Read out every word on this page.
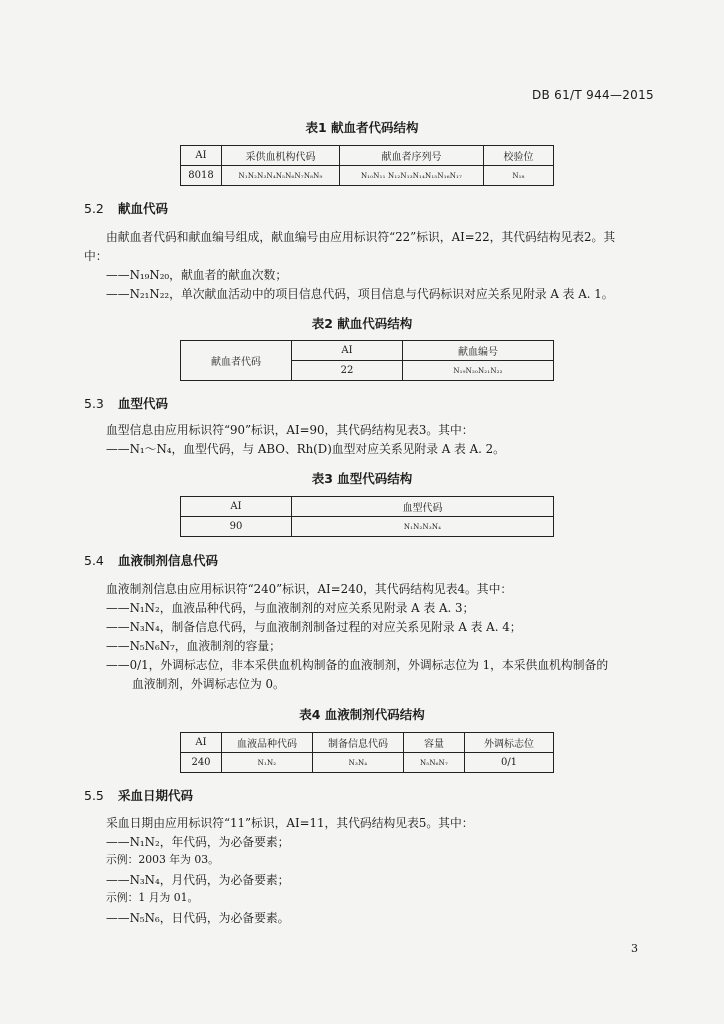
DB 61/T 944—2015
表1 献血者代码结构
AI	采供血机构代码	献血者序列号	校验位
8018	N₁N₂N₃N₄N₅N₆N₇N₈N₉	N₁₀N₁₁ N₁₂N₁₃N₁₄N₁₅N₁₆N₁₇	N₁₈
5.2 献血代码
由献血者代码和献血编号组成，献血编号由应用标识符“22”标识，AI=22，其代码结构见表2。其
中：
——N₁₉N₂₀，献血者的献血次数；
——N₂₁N₂₂，单次献血活动中的项目信息代码，项目信息与代码标识对应关系见附录 A 表 A. 1。
表2 献血代码结构
献血者代码	AI	献血编号
	22	N₁₉N₂₀N₂₁N₂₂
5.3 血型代码
血型信息由应用标识符“90”标识，AI=90，其代码结构见表3。其中：
——N₁～N₄，血型代码，与 ABO、Rh(D)血型对应关系见附录 A 表 A. 2。
表3 血型代码结构
AI	血型代码
90	N₁N₂N₃N₄
5.4 血液制剂信息代码
血液制剂信息由应用标识符“240”标识，AI=240，其代码结构见表4。其中：
——N₁N₂，血液品种代码，与血液制剂的对应关系见附录 A 表 A. 3；
——N₃N₄，制备信息代码，与血液制剂制备过程的对应关系见附录 A 表 A. 4；
——N₅N₆N₇，血液制剂的容量；
——0/1，外调标志位，非本采供血机构制备的血液制剂，外调标志位为 1，本采供血机构制备的
血液制剂，外调标志位为 0。
表4 血液制剂代码结构
AI	血液品种代码	制备信息代码	容量	外调标志位
240	N₁N₂	N₃N₄	N₅N₆N₇	0/1
5.5 采血日期代码
采血日期由应用标识符“11”标识，AI=11，其代码结构见表5。其中：
——N₁N₂，年代码，为必备要素；
示例：2003 年为 03。
——N₃N₄，月代码，为必备要素；
示例：1 月为 01。
——N₅N₆，日代码，为必备要素。
3
